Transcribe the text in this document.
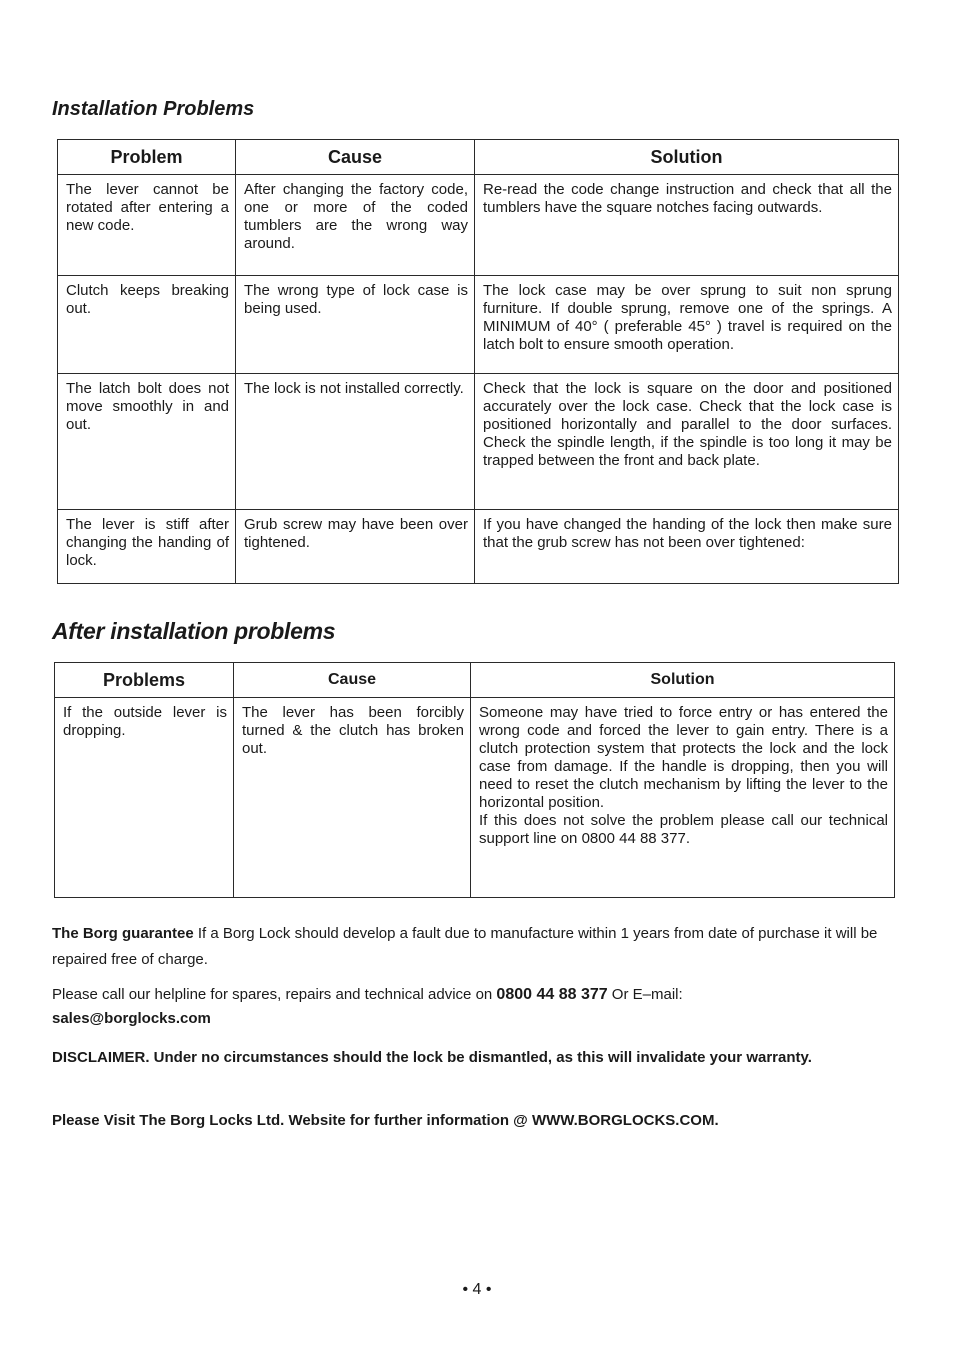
Installation Problems
Problem	Cause	Solution

The lever cannot be rotated after entering a new code.	After changing the factory code, one or more of the coded tumblers are the wrong way around.	Re-read the code change instruction and check that all the tumblers have the square notches facing outwards.

Clutch keeps breaking out.	The wrong type of lock case is being used.	The lock case may be over sprung to suit non sprung furniture. If double sprung, remove one of the springs. A MINIMUM of 40° ( preferable 45° ) travel is required on the latch bolt to ensure smooth operation.

The latch bolt does not move smoothly in and out.	The lock is not installed correctly.	Check that the lock is square on the door and positioned accurately over the lock case. Check that the lock case is positioned horizontally and parallel to the door surfaces. Check the spindle length, if the spindle is too long it may be trapped between the front and back plate.

The lever is stiff after changing the handing of lock.	Grub screw may have been over tightened.	If you have changed the handing of the lock then make sure that the grub screw has not been over tightened:
After installation problems
Problems	Cause	Solution

If the outside lever is dropping.	The lever has been forcibly turned & the clutch has broken out.	Someone may have tried to force entry or has entered the wrong code and forced the lever to gain entry. There is a clutch protection system that protects the lock and the lock case from damage. If the handle is dropping, then you will need to reset the clutch mechanism by lifting the lever to the horizontal position.
If this does not solve the problem please call our technical support line on 0800 44 88 377.

The Borg guarantee If a Borg Lock should develop a fault due to manufacture within 1 years from date of purchase it will be repaired free of charge.

Please call our helpline for spares, repairs and technical advice on 0800 44 88 377 Or E–mail:
sales@borglocks.com

DISCLAIMER. Under no circumstances should the lock be dismantled, as this will invalidate your warranty.

Please Visit The Borg Locks Ltd. Website for further information @ WWW.BORGLOCKS.COM.

• 4 •
